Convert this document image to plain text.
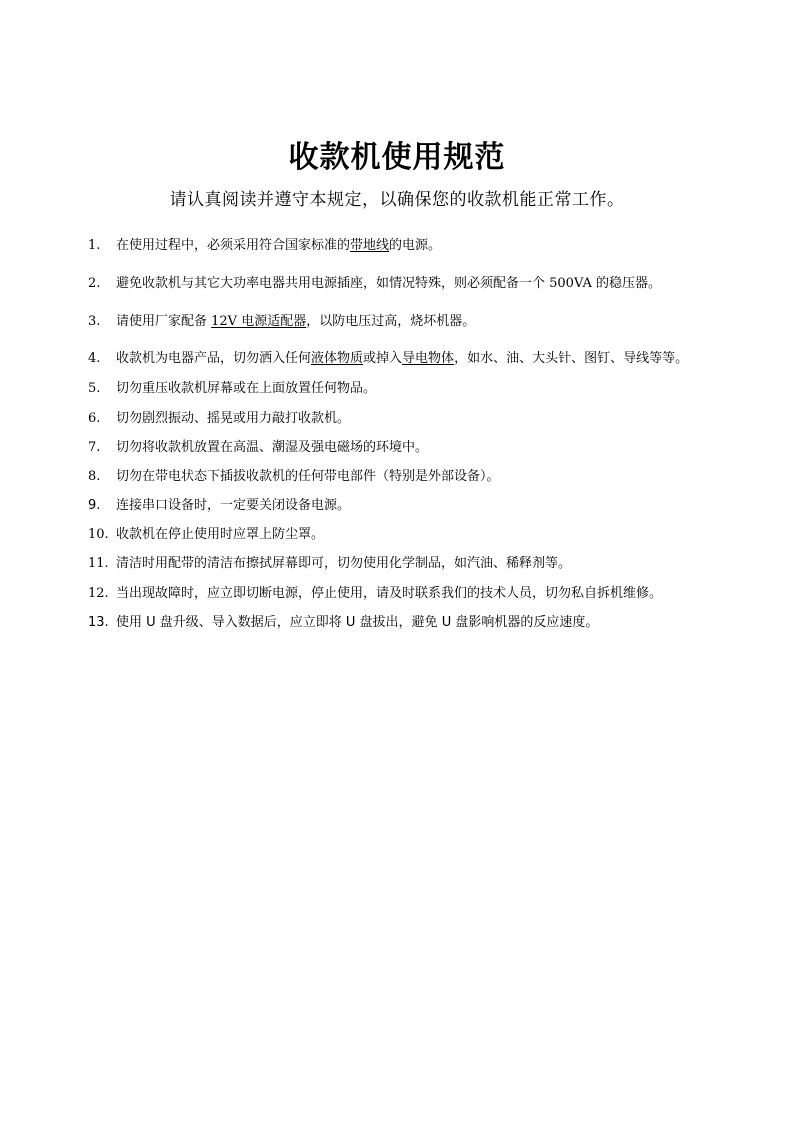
收款机使用规范
请认真阅读并遵守本规定，以确保您的收款机能正常工作。
1. 在使用过程中，必须采用符合国家标准的带地线的电源。
2. 避免收款机与其它大功率电器共用电源插座，如情况特殊，则必须配备一个 500VA 的稳压器。
3. 请使用厂家配备 12V 电源适配器，以防电压过高，烧坏机器。
4. 收款机为电器产品，切勿洒入任何液体物质或掉入导电物体，如水、油、大头针、图钉、导线等等。
5. 切勿重压收款机屏幕或在上面放置任何物品。
6. 切勿剧烈振动、摇晃或用力敲打收款机。
7. 切勿将收款机放置在高温、潮湿及强电磁场的环境中。
8. 切勿在带电状态下插拔收款机的任何带电部件（特别是外部设备）。
9. 连接串口设备时，一定要关闭设备电源。
10. 收款机在停止使用时应罩上防尘罩。
11. 清洁时用配带的清洁布擦拭屏幕即可，切勿使用化学制品，如汽油、稀释剂等。
12. 当出现故障时，应立即切断电源，停止使用，请及时联系我们的技术人员，切勿私自拆机维修。
13. 使用 U 盘升级、导入数据后，应立即将 U 盘拔出，避免 U 盘影响机器的反应速度。
